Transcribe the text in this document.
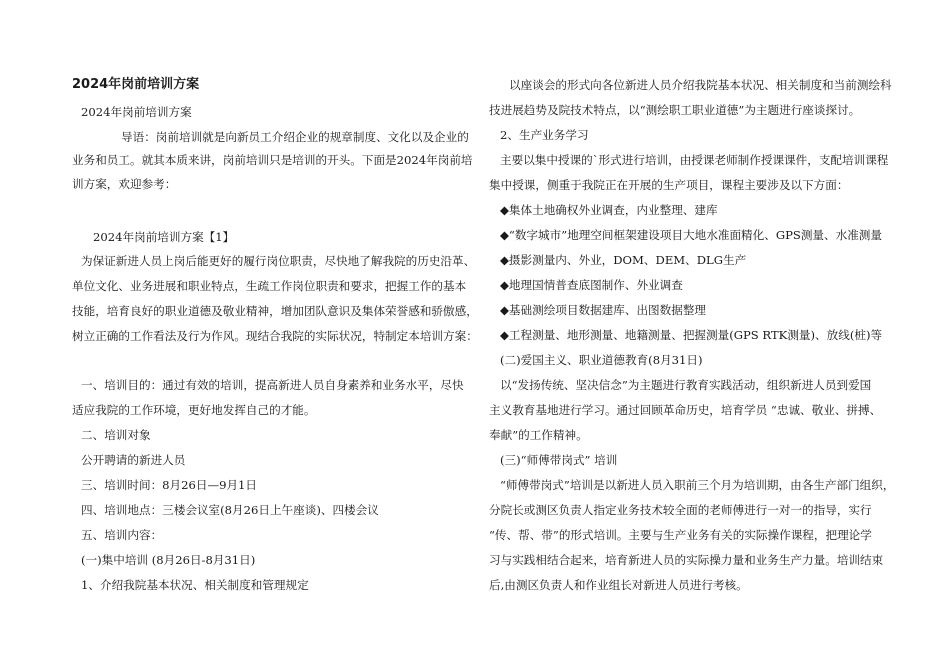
2024年岗前培训方案
2024年岗前培训方案
导语：岗前培训就是向新员工介绍企业的规章制度、文化以及企业的
业务和员工。就其本质来讲，岗前培训只是培训的开头。下面是2024年岗前培
训方案，欢迎参考：
2024年岗前培训方案【1】
为保证新进人员上岗后能更好的履行岗位职责，尽快地了解我院的历史沿革、
单位文化、业务进展和职业特点，生疏工作岗位职责和要求，把握工作的基本
技能，培育良好的职业道德及敬业精神，增加团队意识及集体荣誉感和骄傲感，
树立正确的工作看法及行为作风。现结合我院的实际状况，特制定本培训方案：
一、培训目的：通过有效的培训，提高新进人员自身素养和业务水平，尽快
适应我院的工作环境，更好地发挥自己的才能。
二、培训对象
公开聘请的新进人员
三、培训时间：8月26日—9月1日
四、培训地点：三楼会议室(8月26日上午座谈)、四楼会议
五、培训内容：
(一)集中培训 (8月26日-8月31日)
1、介绍我院基本状况、相关制度和管理规定
以座谈会的形式向各位新进人员介绍我院基本状况、相关制度和当前测绘科
技进展趋势及院技术特点，以“测绘职工职业道德”为主题进行座谈探讨。
2、生产业务学习
主要以集中授课的`形式进行培训，由授课老师制作授课课件，支配培训课程
集中授课，侧重于我院正在开展的生产项目，课程主要涉及以下方面：
◆集体土地确权外业调查，内业整理、建库
◆“数字城市”地理空间框架建设项目大地水准面精化、GPS测量、水准测量
◆摄影测量内、外业，DOM、DEM、DLG生产
◆地理国情普查底图制作、外业调查
◆基础测绘项目数据建库、出图数据整理
◆工程测量、地形测量、地籍测量、把握测量(GPS RTK测量)、放线(桩)等
(二)爱国主义、职业道德教育(8月31日)
以“发扬传统、坚决信念”为主题进行教育实践活动，组织新进人员到爱国
主义教育基地进行学习。通过回顾革命历史，培育学员 “忠诚、敬业、拼搏、
奉献”的工作精神。
(三)“师傅带岗式” 培训
“师傅带岗式”培训是以新进人员入职前三个月为培训期，由各生产部门组织，
分院长或测区负责人指定业务技术较全面的老师傅进行一对一的指导，实行
“传、帮、带”的形式培训。主要与生产业务有关的实际操作课程，把理论学
习与实践相结合起来，培育新进人员的实际操力量和业务生产力量。培训结束
后,由测区负责人和作业组长对新进人员进行考核。
